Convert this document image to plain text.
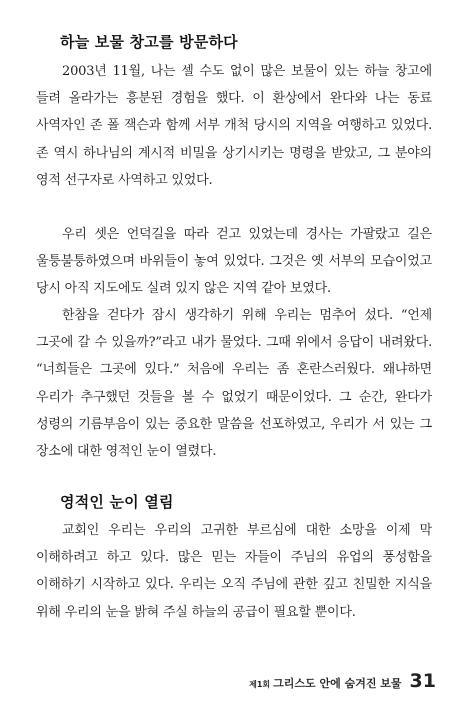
하늘 보물 창고를 방문하다

2003년 11월, 나는 셀 수도 없이 많은 보물이 있는 하늘 창고에 들려 올라가는 흥분된 경험을 했다. 이 환상에서 완다와 나는 동료 사역자인 존 폴 잭슨과 함께 서부 개척 당시의 지역을 여행하고 있었다. 존 역시 하나님의 계시적 비밀을 상기시키는 명령을 받았고, 그 분야의 영적 선구자로 사역하고 있었다.

우리 셋은 언덕길을 따라 걷고 있었는데 경사는 가팔랐고 길은 울퉁불퉁하였으며 바위들이 놓여 있었다. 그것은 옛 서부의 모습이었고 당시 아직 지도에도 실려 있지 않은 지역 같아 보였다.

한참을 걷다가 잠시 생각하기 위해 우리는 멈추어 섰다. “언제 그곳에 갈 수 있을까?”라고 내가 물었다. 그때 위에서 응답이 내려왔다. “너희들은 그곳에 있다.” 처음에 우리는 좀 혼란스러웠다. 왜냐하면 우리가 추구했던 것들을 볼 수 없었기 때문이었다. 그 순간, 완다가 성령의 기름부음이 있는 중요한 말씀을 선포하였고, 우리가 서 있는 그 장소에 대한 영적인 눈이 열렸다.

영적인 눈이 열림

교회인 우리는 우리의 고귀한 부르심에 대한 소망을 이제 막 이해하려고 하고 있다. 많은 믿는 자들이 주님의 유업의 풍성함을 이해하기 시작하고 있다. 우리는 오직 주님에 관한 깊고 친밀한 지식을 위해 우리의 눈을 밝혀 주실 하늘의 공급이 필요할 뿐이다.

제1회 그리스도 안에 숨겨진 보물 31
